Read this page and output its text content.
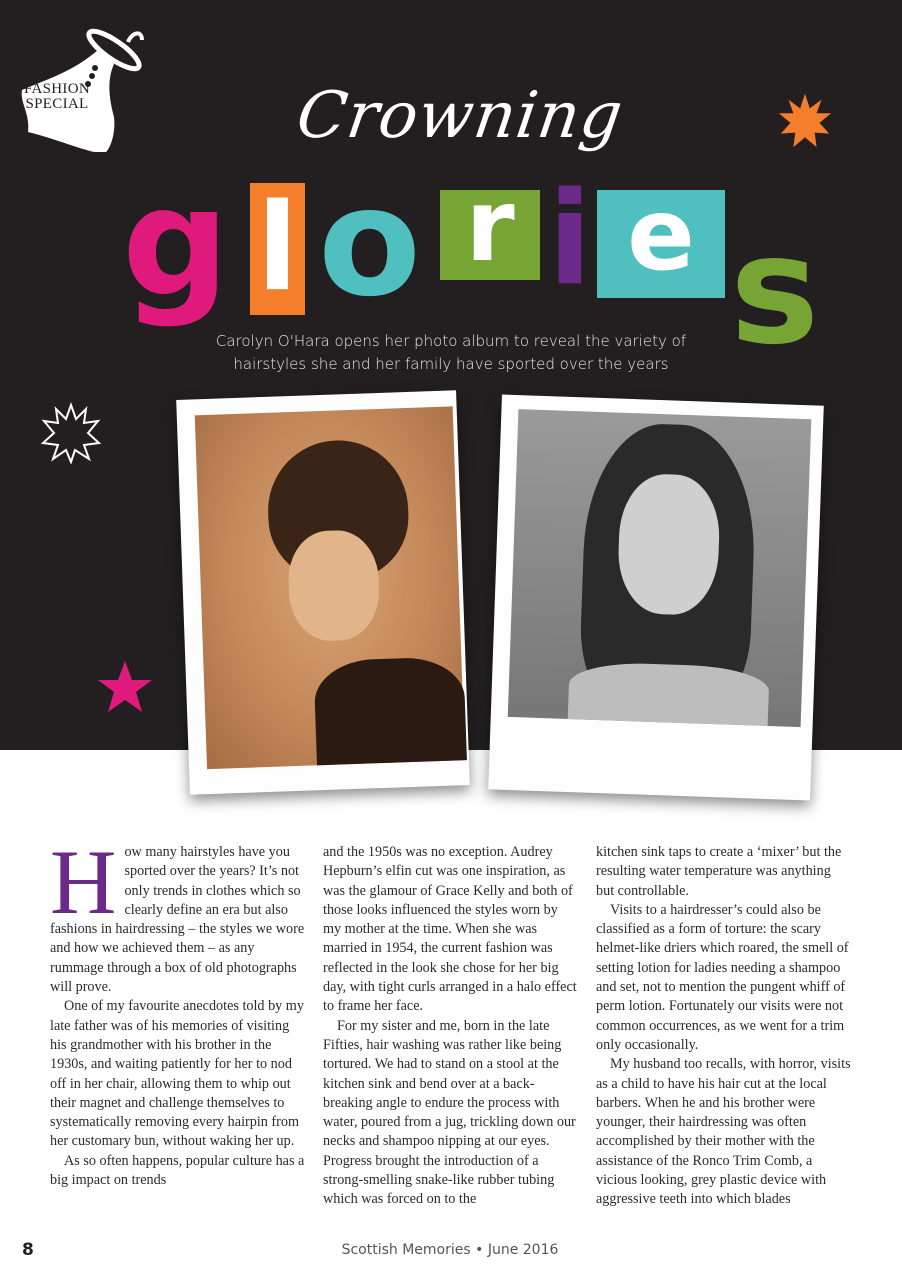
FASHION
SPECIAL	Crowning
g l o r i e s
Carolyn O'Hara opens her photo album to reveal the variety of hairstyles she and her family have sported over the years

How many hairstyles have you sported over the years? It’s not only trends in clothes which so clearly define an era but also fashions in hairdressing – the styles we wore and how we achieved them – as any rummage through a box of old photographs will prove.

One of my favourite anecdotes told by my late father was of his memories of visiting his grandmother with his brother in the 1930s, and waiting patiently for her to nod off in her chair, allowing them to whip out their magnet and challenge themselves to systematically removing every hairpin from her customary bun, without waking her up.

As so often happens, popular culture has a big impact on trends

and the 1950s was no exception. Audrey Hepburn’s elfin cut was one inspiration, as was the glamour of Grace Kelly and both of those looks influenced the styles worn by my mother at the time. When she was married in 1954, the current fashion was reflected in the look she chose for her big day, with tight curls arranged in a halo effect to frame her face.

For my sister and me, born in the late Fifties, hair washing was rather like being tortured. We had to stand on a stool at the kitchen sink and bend over at a back-breaking angle to endure the process with water, poured from a jug, trickling down our necks and shampoo nipping at our eyes. Progress brought the introduction of a strong-smelling snake-like rubber tubing which was forced on to the

kitchen sink taps to create a ‘mixer’ but the resulting water temperature was anything but controllable.

Visits to a hairdresser’s could also be classified as a form of torture: the scary helmet-like driers which roared, the smell of setting lotion for ladies needing a shampoo and set, not to mention the pungent whiff of perm lotion. Fortunately our visits were not common occurrences, as we went for a trim only occasionally.

My husband too recalls, with horror, visits as a child to have his hair cut at the local barbers. When he and his brother were younger, their hairdressing was often accomplished by their mother with the assistance of the Ronco Trim Comb, a vicious looking, grey plastic device with aggressive teeth into which blades

8	Scottish Memories • June 2016
